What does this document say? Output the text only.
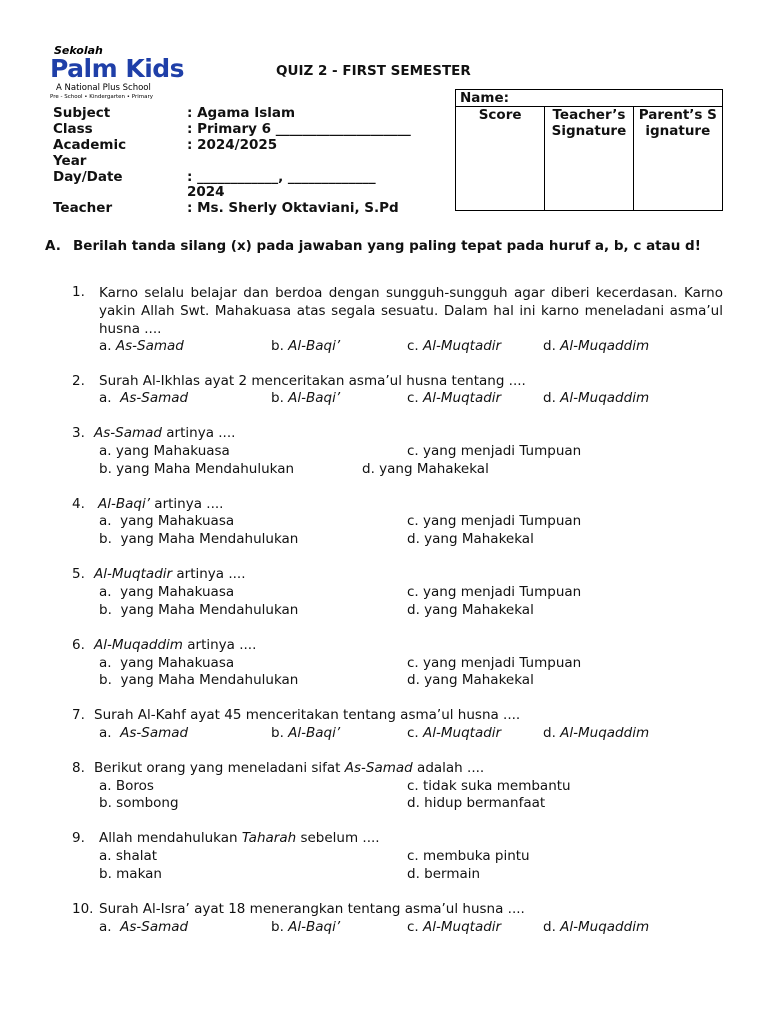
Sekolah
Palm Kids
A National Plus School
Pre - School • Kindergarten • Primary
QUIZ 2 - FIRST SEMESTER
Subject	: Agama Islam
Class	: Primary 6 ____________________
Academic
Year
: 2024/2025
Day/Date	: ____________, _____________
2024
Teacher	: Ms. Sherly Oktaviani, S.Pd
Name:
Score	Teacher’s Signature	Parent’s Signature
A. Berilah tanda silang (x) pada jawaban yang paling tepat pada huruf a, b, c atau d!
1. Karno selalu belajar dan berdoa dengan sungguh-sungguh agar diberi kecerdasan. Karno yakin Allah Swt. Mahakuasa atas segala sesuatu. Dalam hal ini karno meneladani asma’ul husna ....
a. As-Samad	b. Al-Baqi’	c. Al-Muqtadir	d. Al-Muqaddim
2. Surah Al-Ikhlas ayat 2 menceritakan asma’ul husna tentang ....
a.  As-Samad	b. Al-Baqi’	c. Al-Muqtadir	d. Al-Muqaddim
3. As-Samad artinya ....
a. yang Mahakuasa	c. yang menjadi Tumpuan
b. yang Maha Mendahulukan	d. yang Mahakekal
4. Al-Baqi’ artinya ....
a.  yang Mahakuasa	c. yang menjadi Tumpuan
b.  yang Maha Mendahulukan	d. yang Mahakekal
5. Al-Muqtadir artinya ....
a.  yang Mahakuasa	c. yang menjadi Tumpuan
b.  yang Maha Mendahulukan	d. yang Mahakekal
6. Al-Muqaddim artinya ....
a.  yang Mahakuasa	c. yang menjadi Tumpuan
b.  yang Maha Mendahulukan	d. yang Mahakekal
7. Surah Al-Kahf ayat 45 menceritakan tentang asma’ul husna ....
a.  As-Samad	b. Al-Baqi’	c. Al-Muqtadir	d. Al-Muqaddim
8. Berikut orang yang meneladani sifat As-Samad adalah ....
a. Boros	c. tidak suka membantu
b. sombong	d. hidup bermanfaat
9. Allah mendahulukan Taharah sebelum ....
a. shalat	c. membuka pintu
b. makan	d. bermain
10. Surah Al-Isra’ ayat 18 menerangkan tentang asma’ul husna ....
a.  As-Samad	b. Al-Baqi’	c. Al-Muqtadir	d. Al-Muqaddim
